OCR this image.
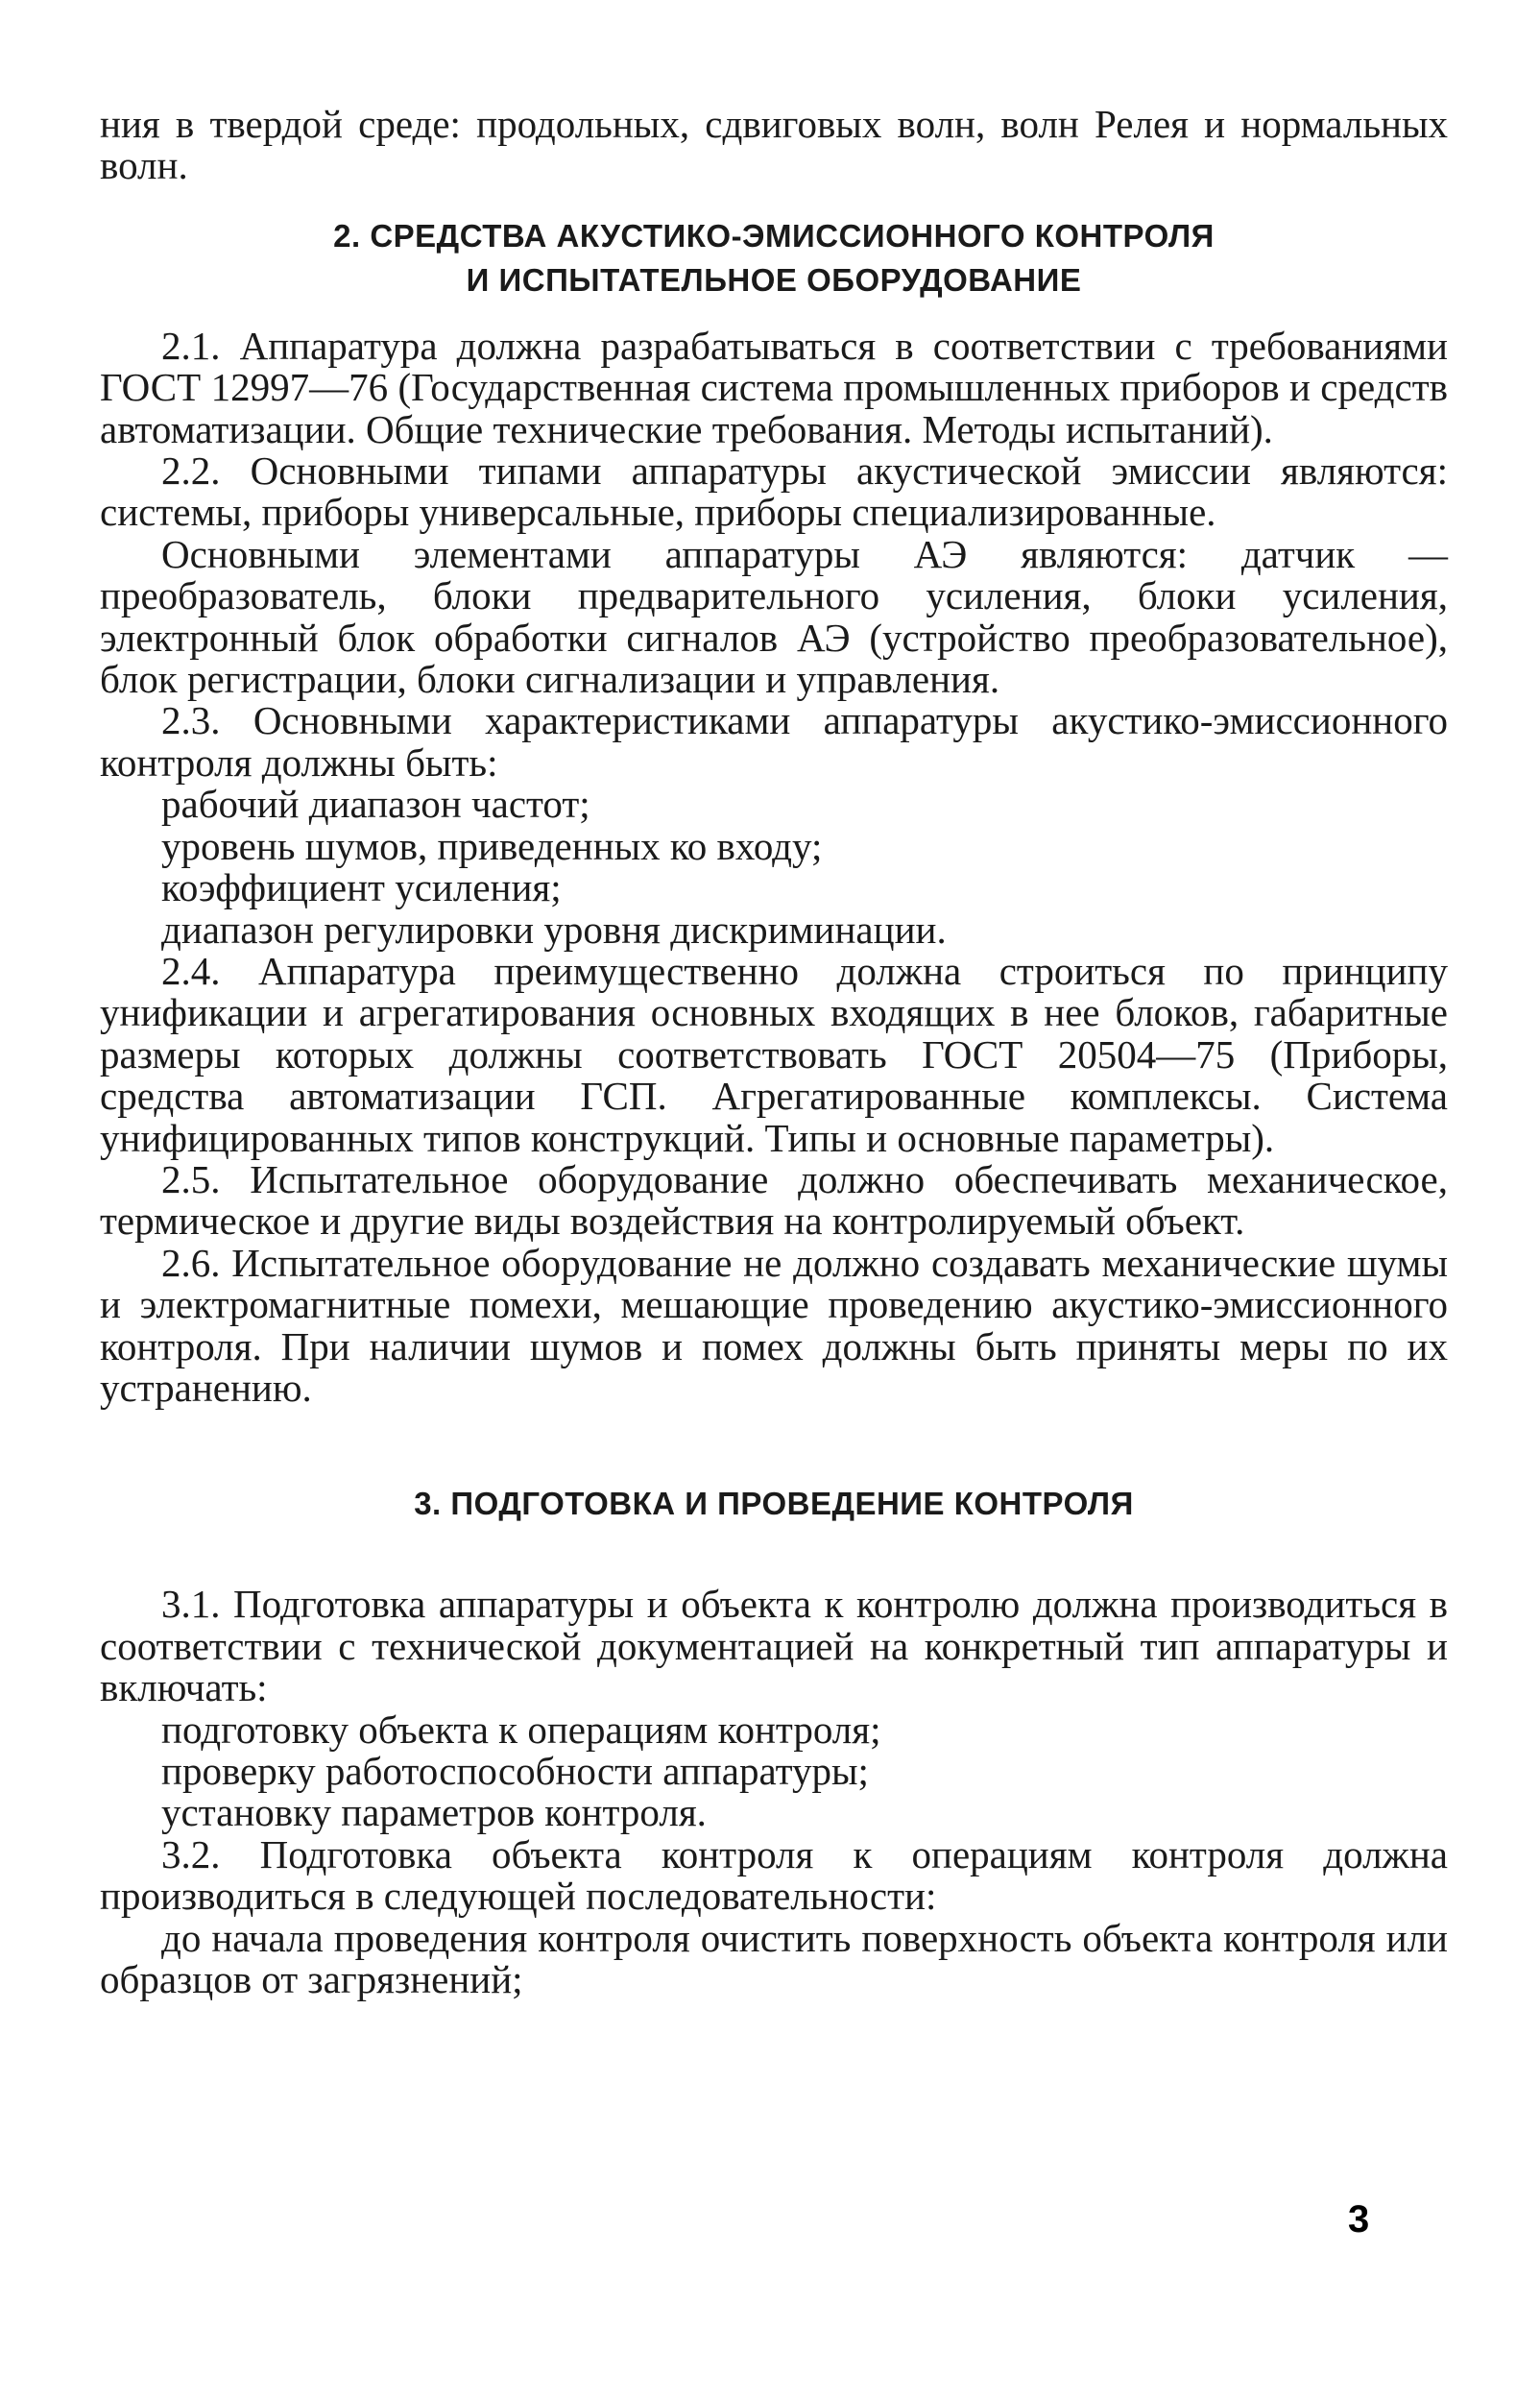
ния в твердой среде: продольных, сдвиговых волн, волн Релея и нормальных волн.

2. СРЕДСТВА АКУСТИКО-ЭМИССИОННОГО КОНТРОЛЯ
И ИСПЫТАТЕЛЬНОЕ ОБОРУДОВАНИЕ

2.1. Аппаратура должна разрабатываться в соответствии с требованиями ГОСТ 12997—76 (Государственная система промышленных приборов и средств автоматизации. Общие технические требования. Методы испытаний).

2.2. Основными типами аппаратуры акустической эмиссии являются: системы, приборы универсальные, приборы специализированные.

Основными элементами аппаратуры АЭ являются: датчик — преобразователь, блоки предварительного усиления, блоки усиления, электронный блок обработки сигналов АЭ (устройство преобразовательное), блок регистрации, блоки сигнализации и управления.

2.3. Основными характеристиками аппаратуры акустико-эмиссионного контроля должны быть:

рабочий диапазон частот;

уровень шумов, приведенных ко входу;

коэффициент усиления;

диапазон регулировки уровня дискриминации.

2.4. Аппаратура преимущественно должна строиться по принципу унификации и агрегатирования основных входящих в нее блоков, габаритные размеры которых должны соответствовать ГОСТ 20504—75 (Приборы, средства автоматизации ГСП. Агрегатированные комплексы. Система унифицированных типов конструкций. Типы и основные параметры).

2.5. Испытательное оборудование должно обеспечивать механическое, термическое и другие виды воздействия на контролируемый объект.

2.6. Испытательное оборудование не должно создавать механические шумы и электромагнитные помехи, мешающие проведению акустико-эмиссионного контроля. При наличии шумов и помех должны быть приняты меры по их устранению.

3. ПОДГОТОВКА И ПРОВЕДЕНИЕ КОНТРОЛЯ

3.1. Подготовка аппаратуры и объекта к контролю должна производиться в соответствии с технической документацией на конкретный тип аппаратуры и включать:

подготовку объекта к операциям контроля;

проверку работоспособности аппаратуры;

установку параметров контроля.

3.2. Подготовка объекта контроля к операциям контроля должна производиться в следующей последовательности:

до начала проведения контроля очистить поверхность объекта контроля или образцов от загрязнений;

3
